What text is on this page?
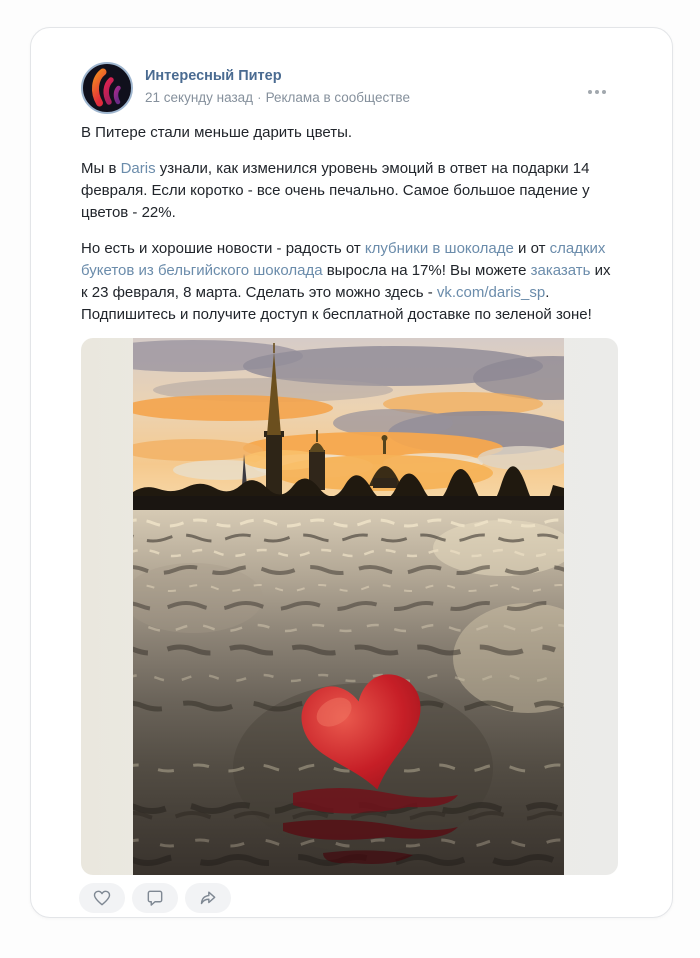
Интересный Питер
21 секунду назад · Реклама в сообществе
В Питере стали меньше дарить цветы.
Мы в Daris узнали, как изменился уровень эмоций в ответ на подарки 14 февраля. Если коротко - все очень печально. Самое большое падение у цветов - 22%.
Но есть и хорошие новости - радость от клубники в шоколаде и от сладких букетов из бельгийского шоколада выросла на 17%! Вы можете заказать их к 23 февраля, 8 марта. Сделать это можно здесь - vk.com/daris_sp. Подпишитесь и получите доступ к бесплатной доставке по зеленой зоне!
